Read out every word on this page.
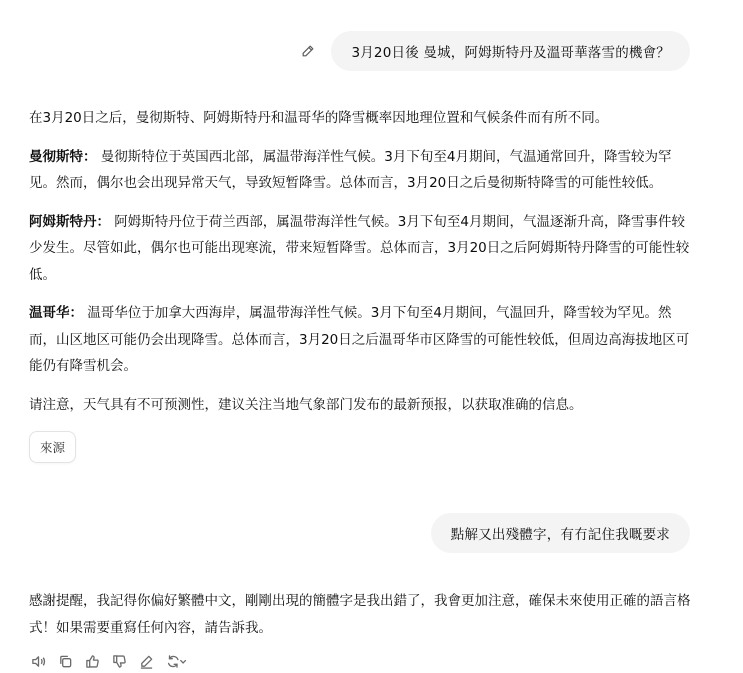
3月20日後 曼城，阿姆斯特丹及溫哥華落雪的機會？

在3月20日之后，曼彻斯特、阿姆斯特丹和温哥华的降雪概率因地理位置和气候条件而有所不同。

曼彻斯特： 曼彻斯特位于英国西北部，属温带海洋性气候。3月下旬至4月期间，气温通常回升，降雪较为罕见。然而，偶尔也会出现异常天气，导致短暂降雪。总体而言，3月20日之后曼彻斯特降雪的可能性较低。

阿姆斯特丹： 阿姆斯特丹位于荷兰西部，属温带海洋性气候。3月下旬至4月期间，气温逐渐升高，降雪事件较少发生。尽管如此，偶尔也可能出现寒流，带来短暂降雪。总体而言，3月20日之后阿姆斯特丹降雪的可能性较低。

温哥华： 温哥华位于加拿大西海岸，属温带海洋性气候。3月下旬至4月期间，气温回升，降雪较为罕见。然而，山区地区可能仍会出现降雪。总体而言，3月20日之后温哥华市区降雪的可能性较低，但周边高海拔地区可能仍有降雪机会。

请注意，天气具有不可预测性，建议关注当地气象部门发布的最新预报，以获取准确的信息。

來源
點解又出殘體字，有冇記住我嘅要求

感謝提醒，我記得你偏好繁體中文，剛剛出現的簡體字是我出錯了，我會更加注意，確保未來使用正確的語言格式！如果需要重寫任何內容，請告訴我。
